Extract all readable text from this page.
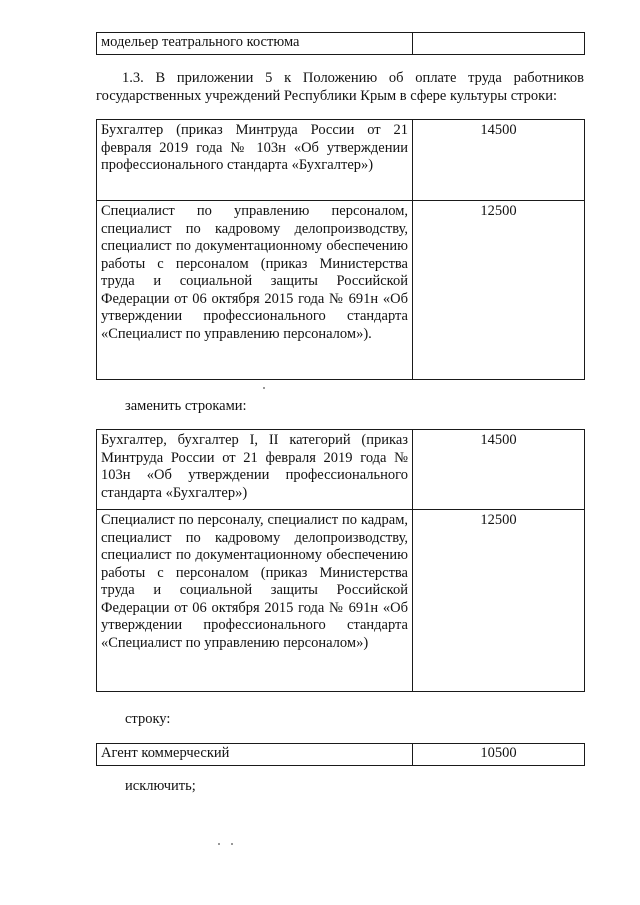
модельер театрального костюма	
1.3. В приложении 5 к Положению об оплате труда работников государственных учреждений Республики Крым в сфере культуры строки:
Бухгалтер (приказ Минтруда России от 21 февраля 2019 года № 103н «Об утверждении профессионального стандарта «Бухгалтер»)	14500
Специалист по управлению персоналом, специалист по кадровому делопроизводству, специалист по документационному обеспечению работы с персоналом (приказ Министерства труда и социальной защиты Российской Федерации от 06 октября 2015 года № 691н «Об утверждении профессионального стандарта «Специалист по управлению персоналом»).	12500
заменить строками:
Бухгалтер, бухгалтер I, II категорий (приказ Минтруда России от 21 февраля 2019 года № 103н «Об утверждении профессионального стандарта «Бухгалтер»)	14500
Специалист по персоналу, специалист по кадрам, специалист по кадровому делопроизводству, специалист по документационному обеспечению работы с персоналом (приказ Министерства труда и социальной защиты Российской Федерации от 06 октября 2015 года № 691н «Об утверждении профессионального стандарта «Специалист по управлению персоналом»)	12500
строку:
Агент коммерческий	10500
исключить;
